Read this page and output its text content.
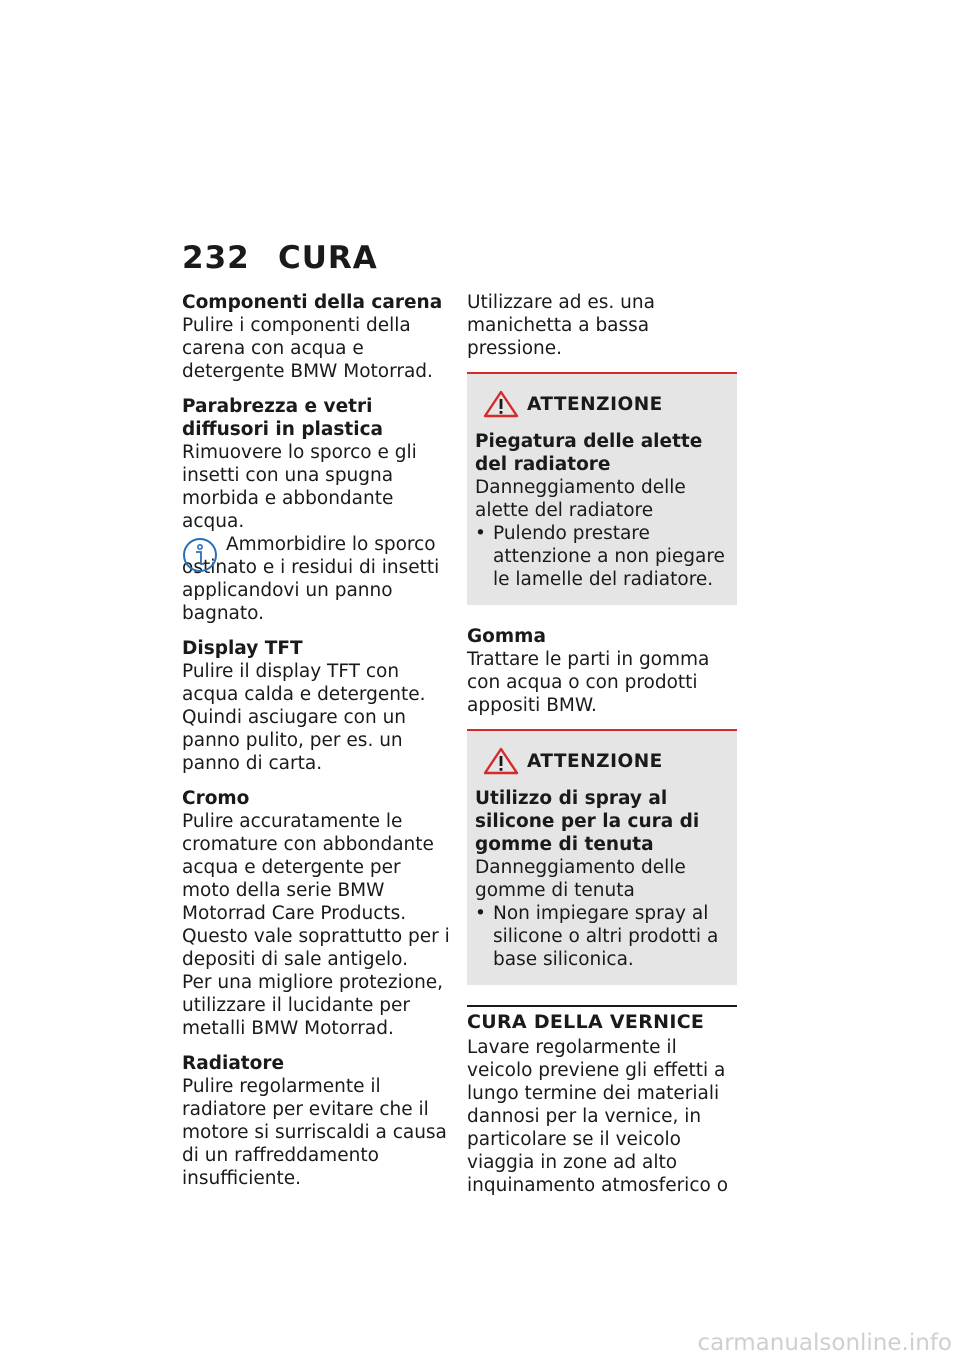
232 CURA

Componenti della carena

Pulire i componenti della carena con acqua e detergente BMW Motorrad.

Parabrezza e vetri diffusori in plastica

Rimuovere lo sporco e gli insetti con una spugna morbida e abbondante acqua.

Ammorbidire lo sporco ostinato e i residui di insetti applicandovi un panno bagnato.

Display TFT

Pulire il display TFT con acqua calda e detergente. Quindi asciugare con un panno pulito, per es. un panno di carta.

Cromo

Pulire accuratamente le cromature con abbondante acqua e detergente per moto della serie BMW Motorrad Care Products. Questo vale soprattutto per i depositi di sale antigelo.

Per una migliore protezione, utilizzare il lucidante per metalli BMW Motorrad.

Radiatore

Pulire regolarmente il radiatore per evitare che il motore si surriscaldi a causa di un raffreddamento insufficiente.

Utilizzare ad es. una manichetta a bassa pressione.

ATTENZIONE

Piegatura delle alette del radiatore

Danneggiamento delle alette del radiatore

• Pulendo prestare attenzione a non piegare le lamelle del radiatore.

Gomma

Trattare le parti in gomma con acqua o con prodotti appositi BMW.

ATTENZIONE

Utilizzo di spray al silicone per la cura di gomme di tenuta

Danneggiamento delle gomme di tenuta

• Non impiegare spray al silicone o altri prodotti a base siliconica.
CURA DELLA VERNICE

Lavare regolarmente il veicolo previene gli effetti a lungo termine dei materiali dannosi per la vernice, in particolare se il veicolo viaggia in zone ad alto inquinamento atmosferico o

carmanualsonline.info
